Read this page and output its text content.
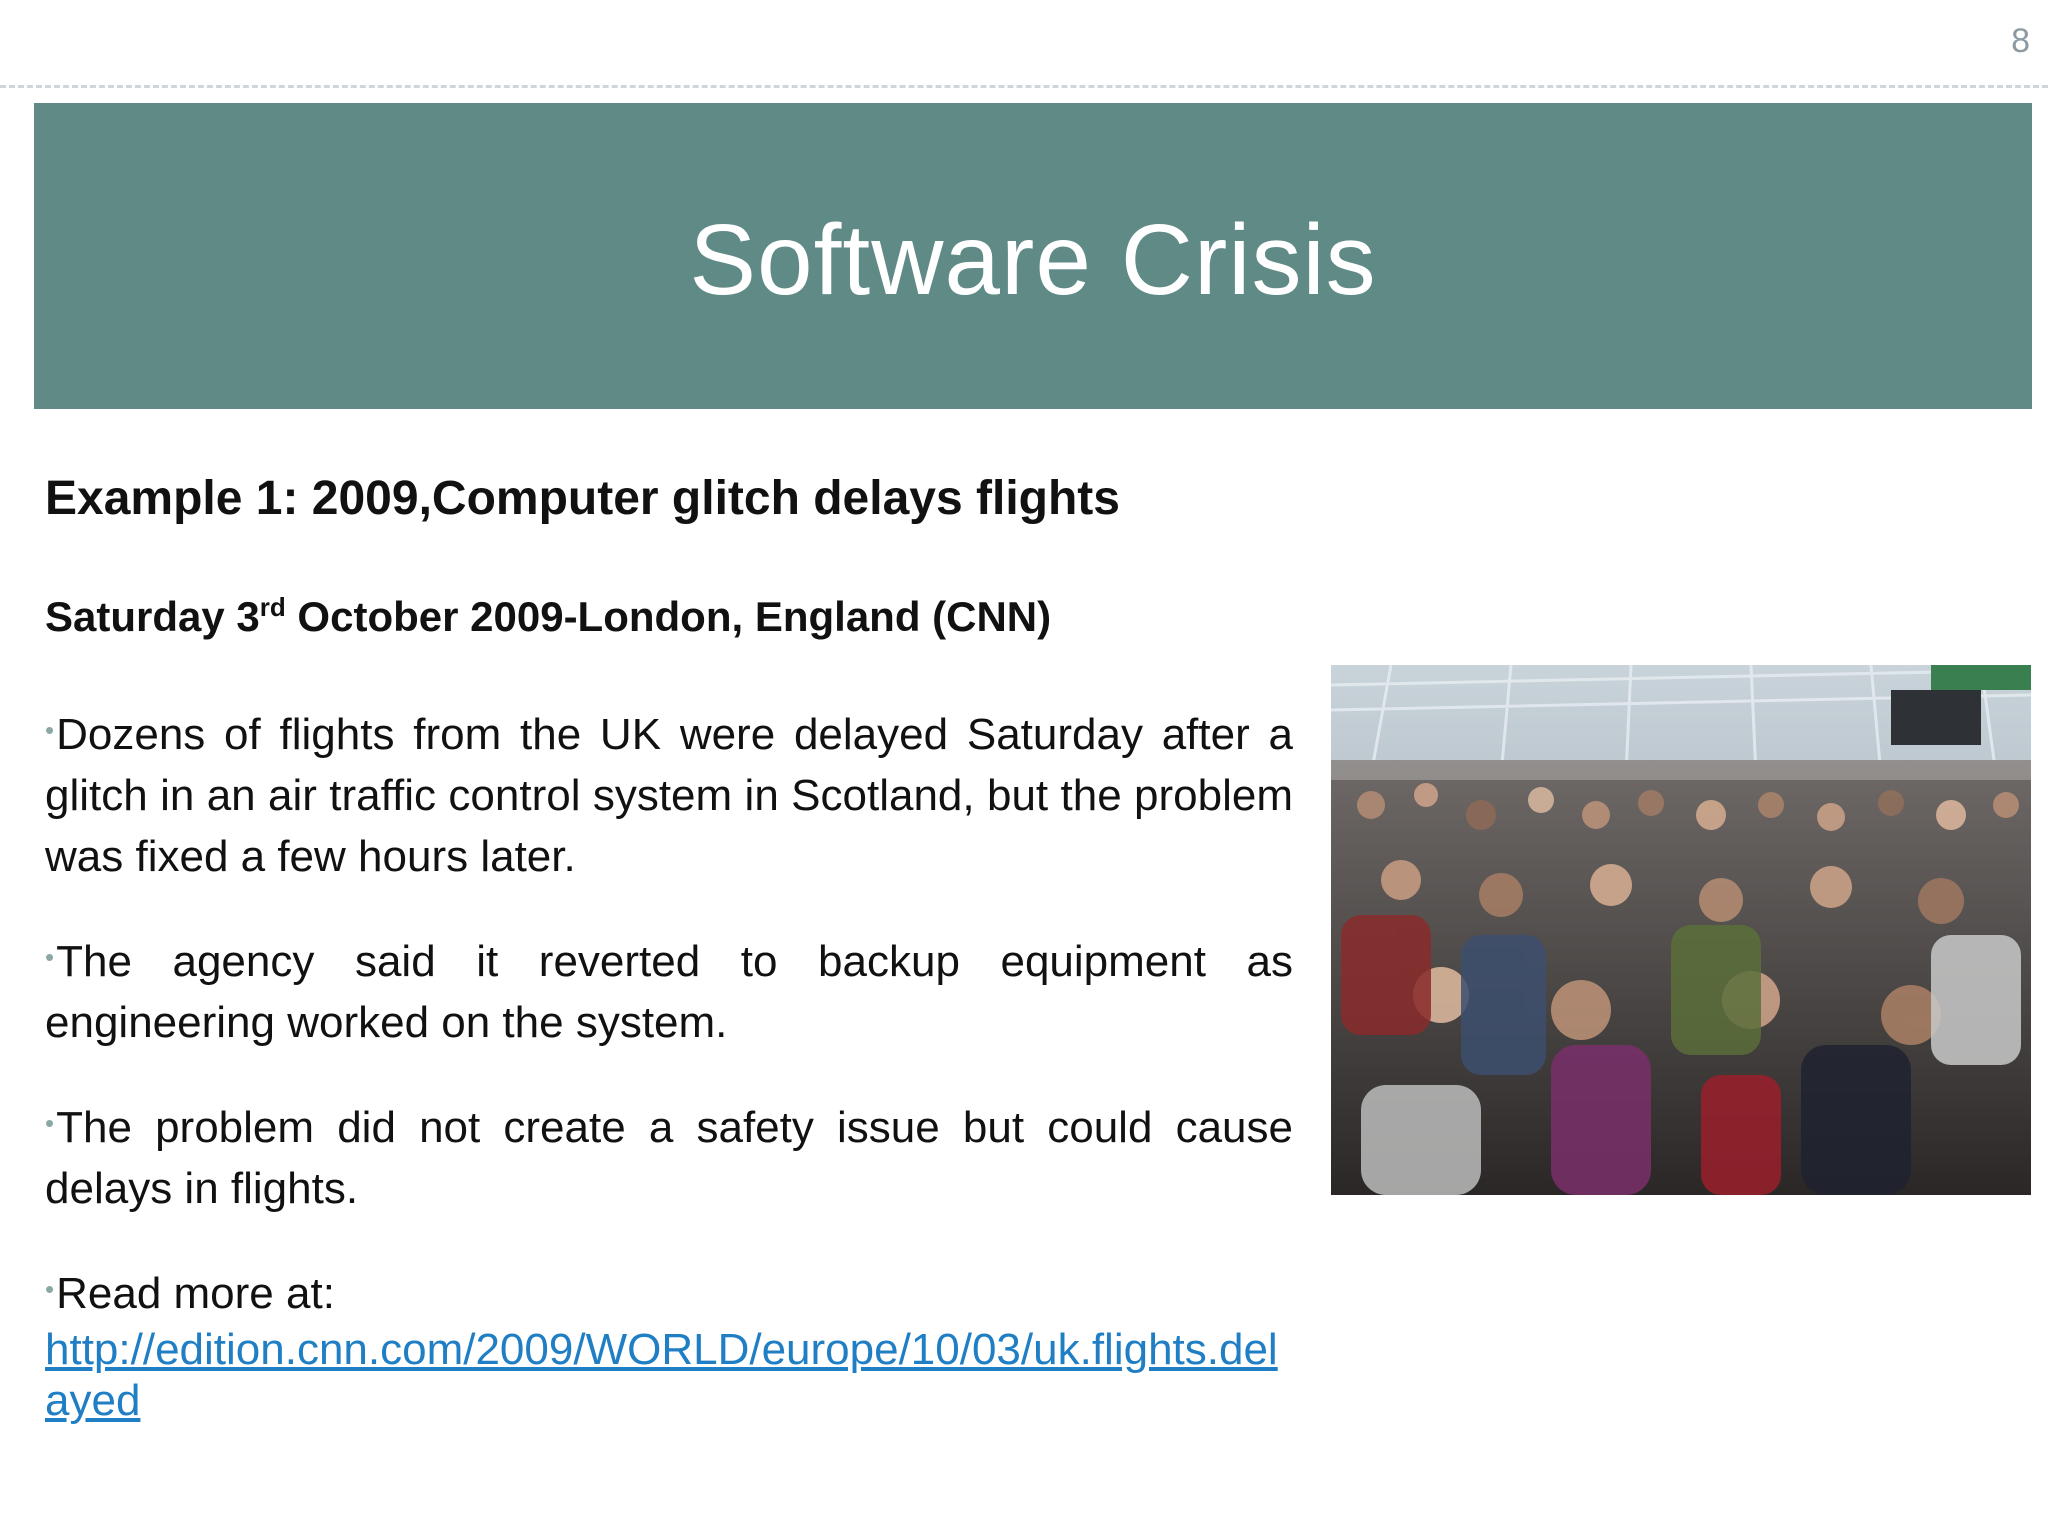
8
Software Crisis

Example 1: 2009,Computer glitch delays flights

Saturday 3rd October 2009-London, England (CNN)

•Dozens of flights from the UK were delayed Saturday after a glitch in an air traffic control system in Scotland, but the problem was fixed a few hours later.

•The agency said it reverted to backup equipment as engineering worked on the system.

•The problem did not create a safety issue but could cause delays in flights.

•Read more at:

http://edition.cnn.com/2009/WORLD/europe/10/03/uk.flights.delayed
